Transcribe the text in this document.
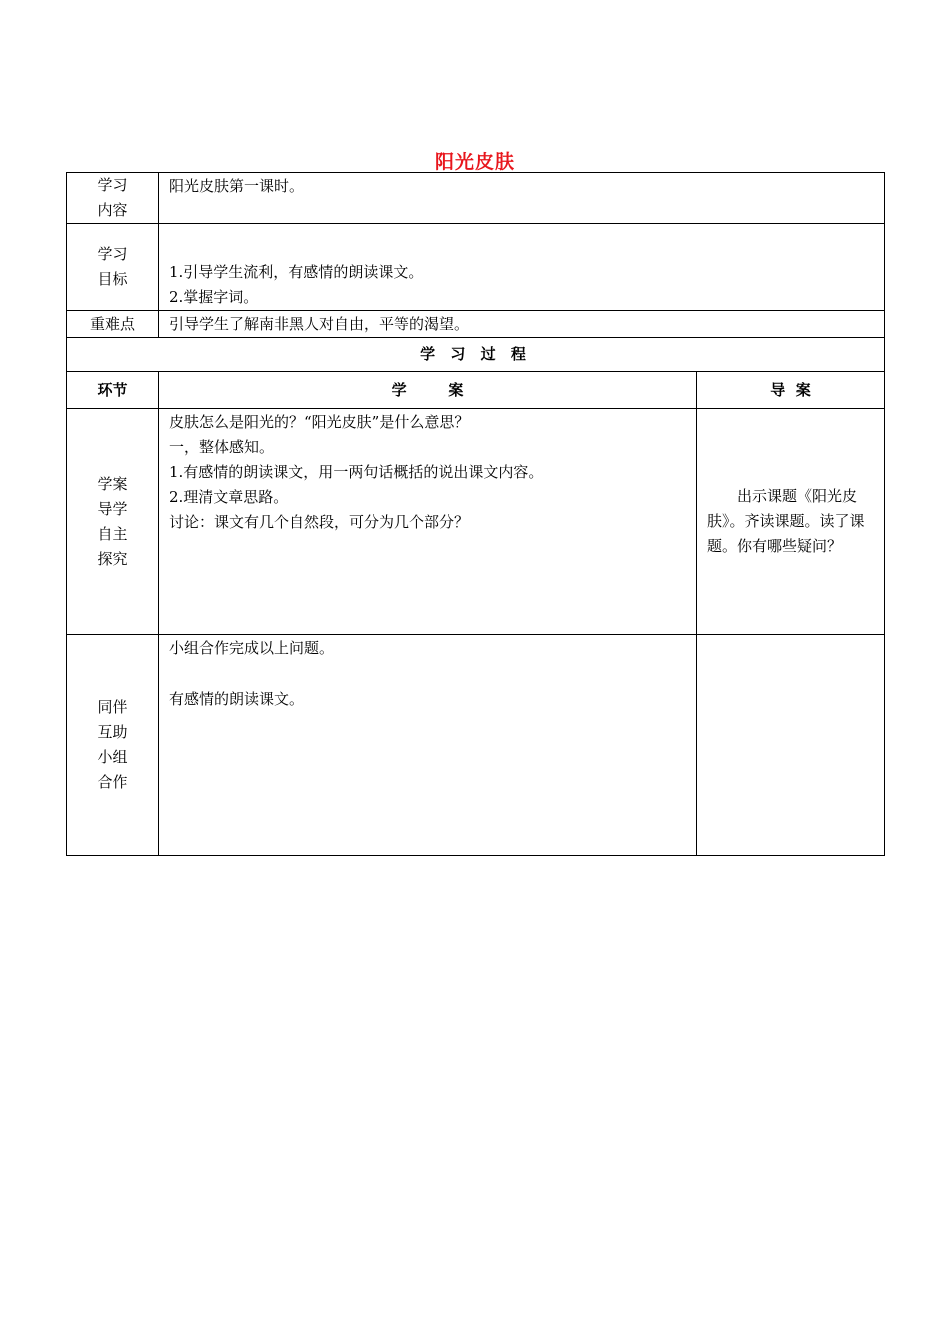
阳光皮肤
学习
内容	阳光皮肤第一课时。	

学习
目标	1.引导学生流利，有感情的朗读课文。
2.掌握字词。	

重难点	引导学生了解南非黑人对自由，平等的渴望。	
学 习 过 程		
环节	学        案	导  案

学案
导学
自主
探究	皮肤怎么是阳光的？“阳光皮肤”是什么意思？
一，整体感知。
1.有感情的朗读课文，用一两句话概括的说出课文内容。
2.理清文章思路。
讨论：课文有几个自然段，可分为几个部分？	出示课题《阳光皮肤》。齐读课题。读了课题。你有哪些疑问？

同伴
互助
小组
合作	小组合作完成以上问题。
有感情的朗读课文。	
